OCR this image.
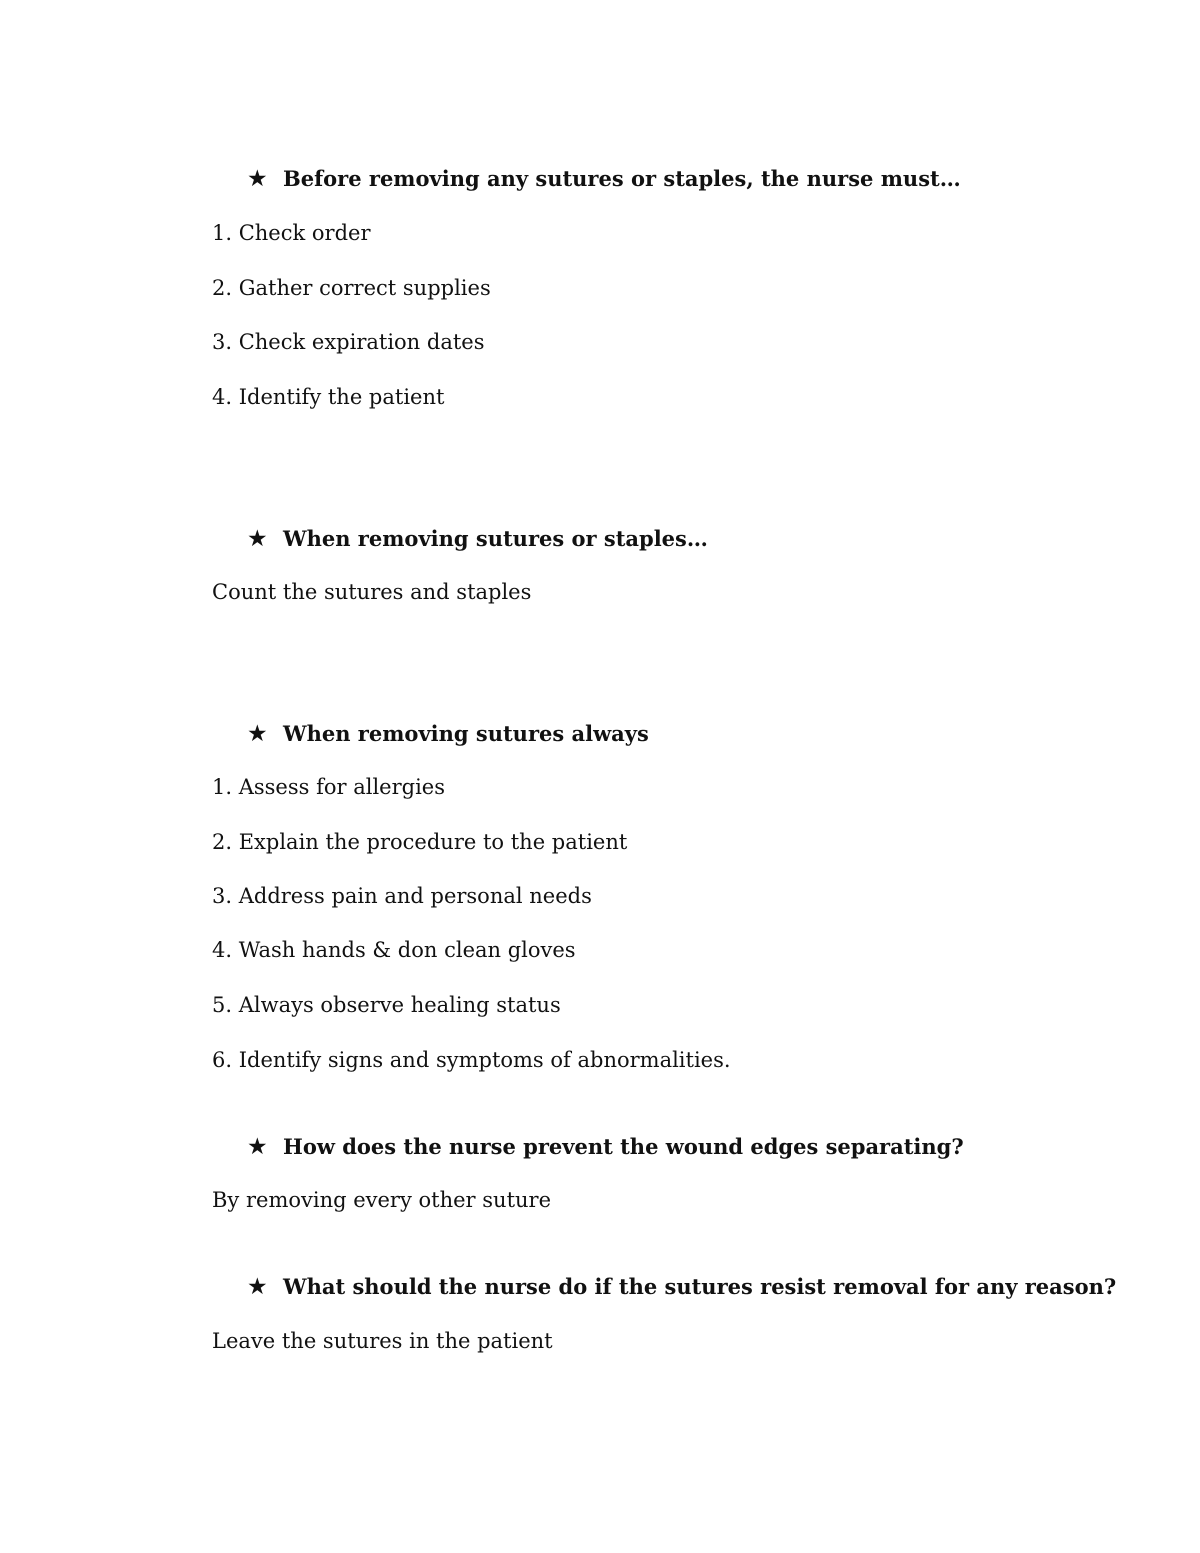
★ Before removing any sutures or staples, the nurse must…
1. Check order
2. Gather correct supplies
3. Check expiration dates
4. Identify the patient
★ When removing sutures or staples…
Count the sutures and staples
★ When removing sutures always
1. Assess for allergies
2. Explain the procedure to the patient
3. Address pain and personal needs
4. Wash hands & don clean gloves
5. Always observe healing status
6. Identify signs and symptoms of abnormalities.
★ How does the nurse prevent the wound edges separating?
By removing every other suture
★ What should the nurse do if the sutures resist removal for any reason?
Leave the sutures in the patient
